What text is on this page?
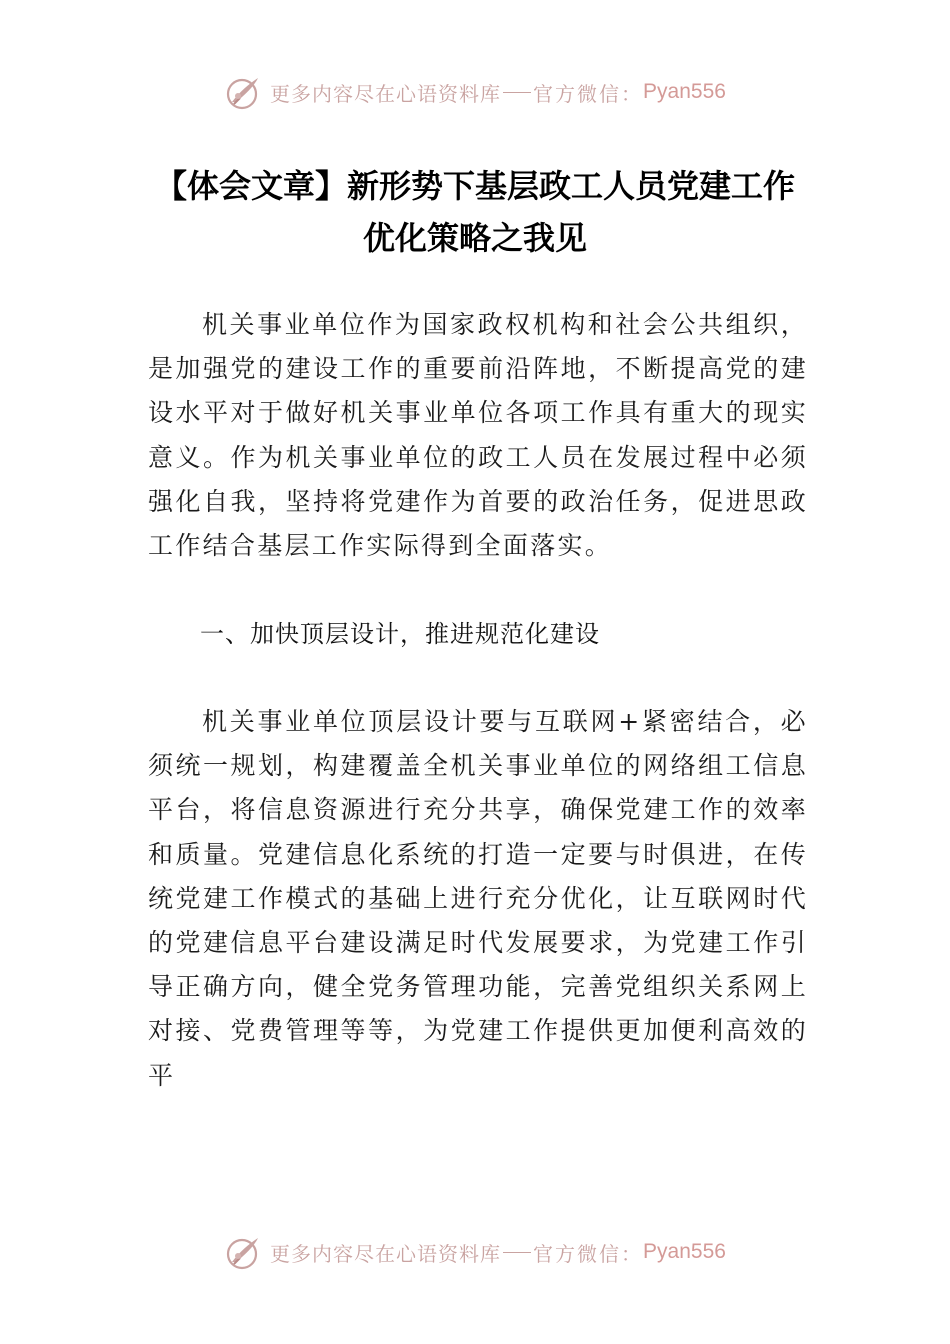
更多内容尽在心语资料库 官方微信： Pyan556
【体会文章】新形势下基层政工人员党建工作优化策略之我见

机关事业单位作为国家政权机构和社会公共组织，是加强党的建设工作的重要前沿阵地，不断提高党的建设水平对于做好机关事业单位各项工作具有重大的现实意义。作为机关事业单位的政工人员在发展过程中必须强化自我，坚持将党建作为首要的政治任务，促进思政工作结合基层工作实际得到全面落实。

一、加快顶层设计，推进规范化建设

机关事业单位顶层设计要与互联网+紧密结合，必须统一规划，构建覆盖全机关事业单位的网络组工信息平台，将信息资源进行充分共享，确保党建工作的效率和质量。党建信息化系统的打造一定要与时俱进，在传统党建工作模式的基础上进行充分优化，让互联网时代的党建信息平台建设满足时代发展要求，为党建工作引导正确方向，健全党务管理功能，完善党组织关系网上对接、党费管理等等，为党建工作提供更加便利高效的平

更多内容尽在心语资料库 官方微信： Pyan556
